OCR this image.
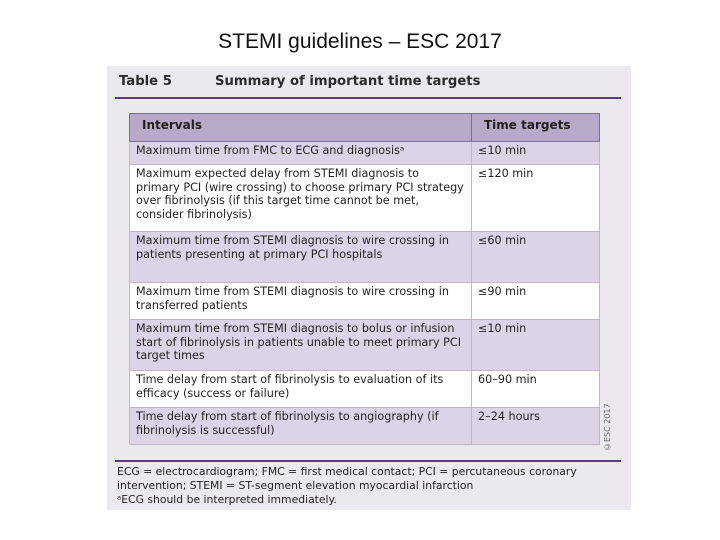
STEMI guidelines – ESC 2017
Table 5	Summary of important time targets
Intervals	Time targets
Maximum time from FMC to ECG and diagnosisᵃ	≤10 min
Maximum expected delay from STEMI diagnosis to primary PCI (wire crossing) to choose primary PCI strategy over fibrinolysis (if this target time cannot be met, consider fibrinolysis)	≤120 min
Maximum time from STEMI diagnosis to wire crossing in patients presenting at primary PCI hospitals	≤60 min
Maximum time from STEMI diagnosis to wire crossing in transferred patients	≤90 min
Maximum time from STEMI diagnosis to bolus or infusion start of fibrinolysis in patients unable to meet primary PCI target times	≤10 min
Time delay from start of fibrinolysis to evaluation of its efficacy (success or failure)	60–90 min
Time delay from start of fibrinolysis to angiography (if fibrinolysis is successful)	2–24 hours	©ESC 2017
ECG = electrocardiogram; FMC = first medical contact; PCI = percutaneous coronary intervention; STEMI = ST-segment elevation myocardial infarction
ᵃECG should be interpreted immediately.
